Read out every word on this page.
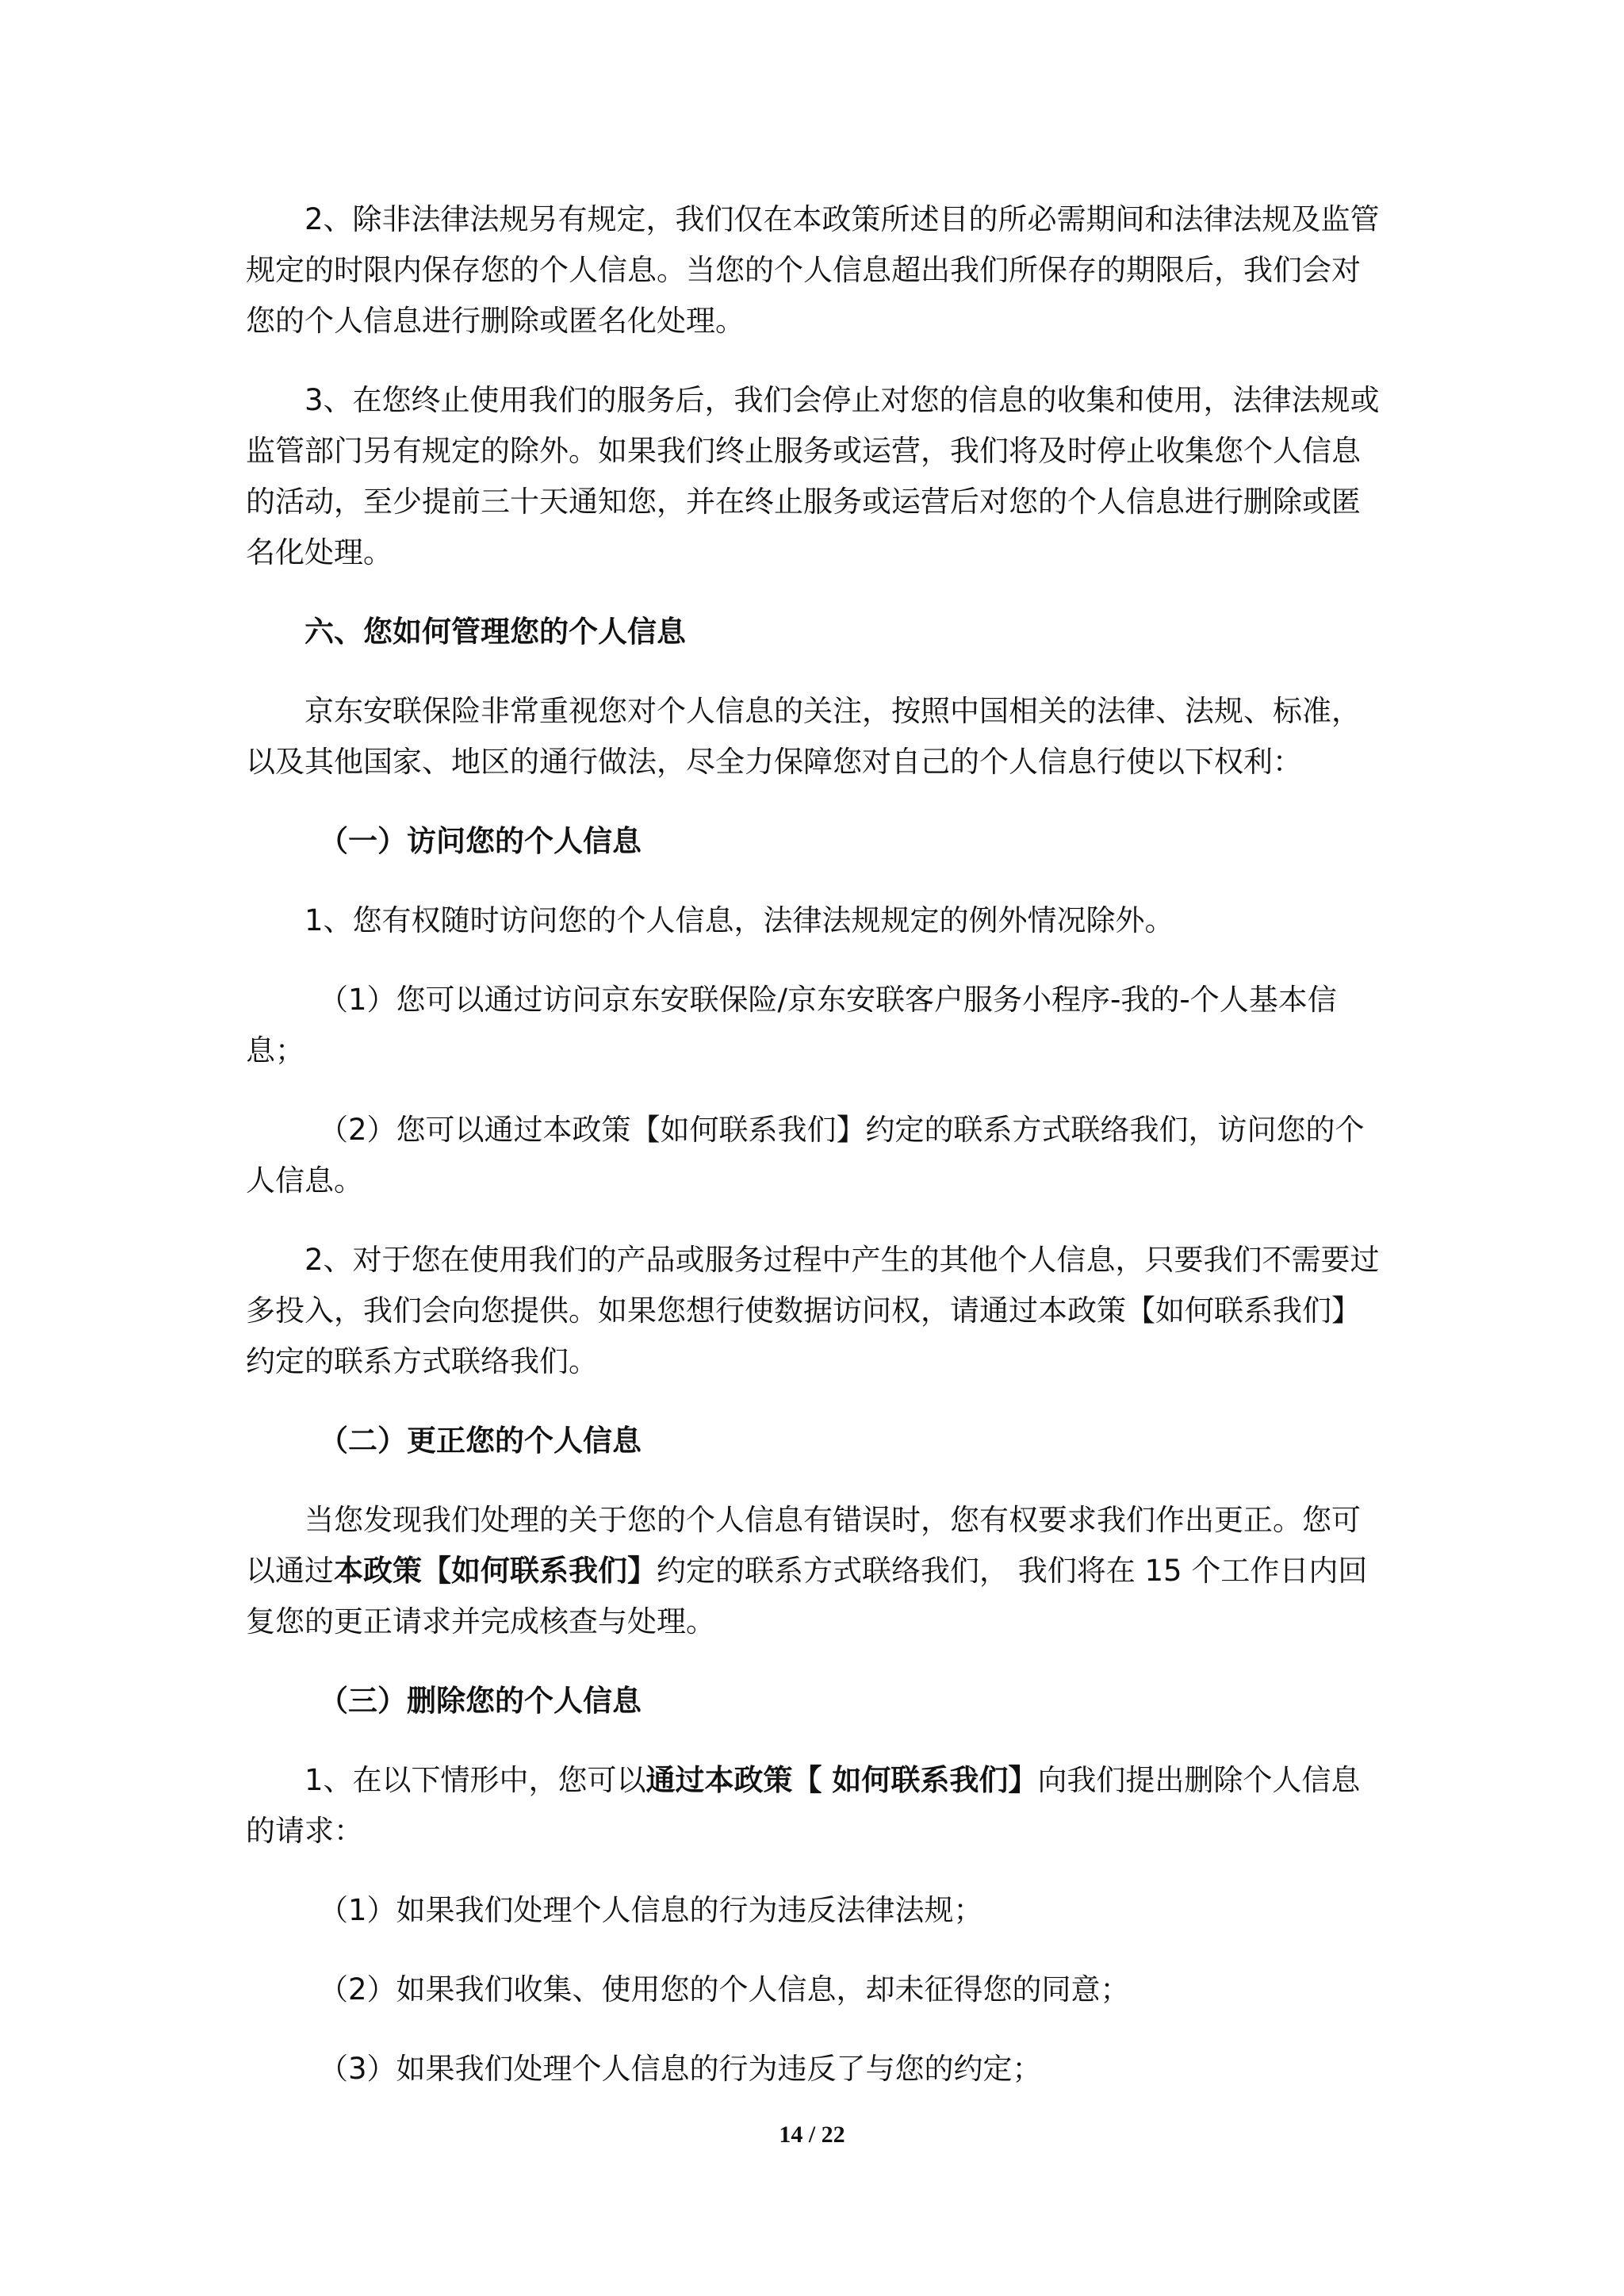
2、除非法律法规另有规定，我们仅在本政策所述目的所必需期间和法律法规及监管规定的时限内保存您的个人信息。当您的个人信息超出我们所保存的期限后，我们会对您的个人信息进行删除或匿名化处理。

3、在您终止使用我们的服务后，我们会停止对您的信息的收集和使用，法律法规或监管部门另有规定的除外。如果我们终止服务或运营，我们将及时停止收集您个人信息的活动，至少提前三十天通知您，并在终止服务或运营后对您的个人信息进行删除或匿名化处理。

六、您如何管理您的个人信息

京东安联保险非常重视您对个人信息的关注，按照中国相关的法律、法规、标准，以及其他国家、地区的通行做法，尽全力保障您对自己的个人信息行使以下权利：

（一）访问您的个人信息

1、您有权随时访问您的个人信息，法律法规规定的例外情况除外。

（1）您可以通过访问京东安联保险/京东安联客户服务小程序-我的-个人基本信息；

（2）您可以通过本政策【如何联系我们】约定的联系方式联络我们，访问您的个人信息。

2、对于您在使用我们的产品或服务过程中产生的其他个人信息，只要我们不需要过多投入，我们会向您提供。如果您想行使数据访问权，请通过本政策【如何联系我们】约定的联系方式联络我们。

（二）更正您的个人信息

当您发现我们处理的关于您的个人信息有错误时，您有权要求我们作出更正。您可以通过本政策【如何联系我们】约定的联系方式联络我们， 我们将在 15 个工作日内回复您的更正请求并完成核查与处理。

（三）删除您的个人信息

1、在以下情形中，您可以通过本政策【 如何联系我们】向我们提出删除个人信息的请求：

（1）如果我们处理个人信息的行为违反法律法规；

（2）如果我们收集、使用您的个人信息，却未征得您的同意；

（3）如果我们处理个人信息的行为违反了与您的约定；

14 / 22
